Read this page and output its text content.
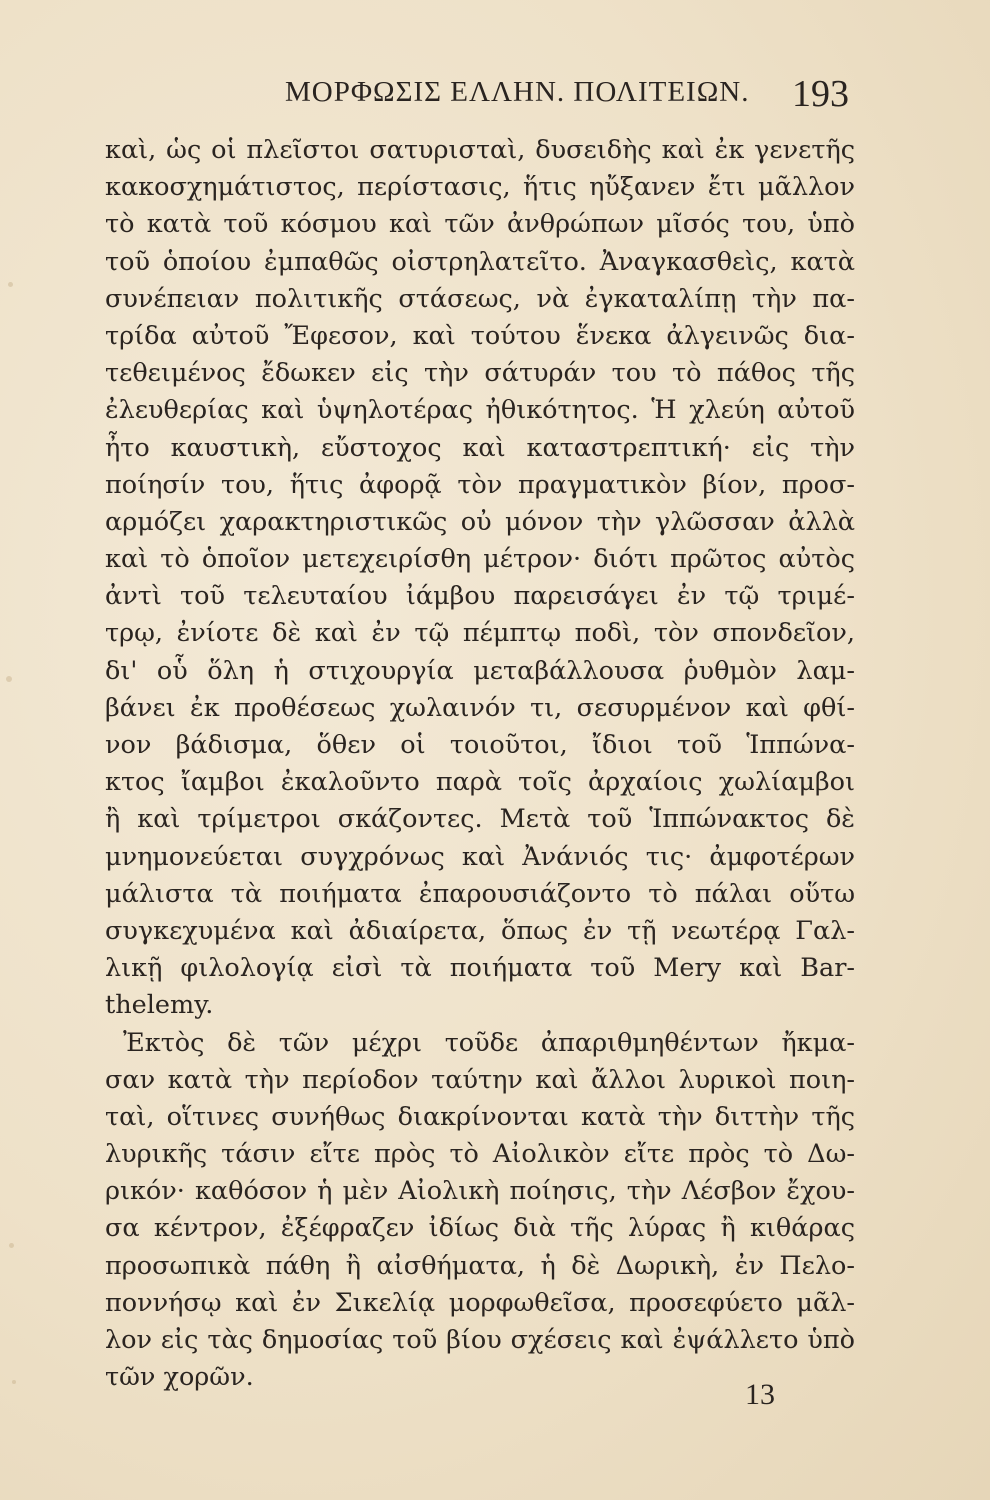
ΜΟΡΦΩΣΙΣ ΕΛΛΗΝ. ΠΟΛΙΤΕΙΩΝ. 193
καὶ, ὡς οἱ πλεῖστοι σατυρισταὶ, δυσειδὴς καὶ ἐκ γενετῆς
κακοσχημάτιστος, περίστασις, ἥτις ηὔξανεν ἔτι μᾶλλον
τὸ κατὰ τοῦ κόσμου καὶ τῶν ἀνθρώπων μῖσός του, ὑπὸ
τοῦ ὁποίου ἐμπαθῶς οἰστρηλατεῖτο. Ἀναγκασθεὶς, κατὰ
συνέπειαν πολιτικῆς στάσεως, νὰ ἐγκαταλίπῃ τὴν πα-
τρίδα αὐτοῦ Ἔφεσον, καὶ τούτου ἕνεκα ἀλγεινῶς δια-
τεθειμένος ἔδωκεν εἰς τὴν σάτυράν του τὸ πάθος τῆς
ἐλευθερίας καὶ ὑψηλοτέρας ἠθικότητος. Ἡ χλεύη αὐτοῦ
ἦτο καυστικὴ, εὔστοχος καὶ καταστρεπτική· εἰς τὴν
ποίησίν του, ἥτις ἀφορᾷ τὸν πραγματικὸν βίον, προσ-
αρμόζει χαρακτηριστικῶς οὐ μόνον τὴν γλῶσσαν ἀλλὰ
καὶ τὸ ὁποῖον μετεχειρίσθη μέτρον· διότι πρῶτος αὐτὸς
ἀντὶ τοῦ τελευταίου ἰάμβου παρεισάγει ἐν τῷ τριμέ-
τρῳ, ἐνίοτε δὲ καὶ ἐν τῷ πέμπτῳ ποδὶ, τὸν σπονδεῖον,
δι' οὗ ὅλη ἡ στιχουργία μεταβάλλουσα ῥυθμὸν λαμ-
βάνει ἐκ προθέσεως χωλαινόν τι, σεσυρμένον καὶ φθί-
νον βάδισμα, ὅθεν οἱ τοιοῦτοι, ἴδιοι τοῦ Ἱππώνα-
κτος ἴαμβοι ἐκαλοῦντο παρὰ τοῖς ἀρχαίοις χωλίαμβοι
ἢ καὶ τρίμετροι σκάζοντες. Μετὰ τοῦ Ἱππώνακτος δὲ
μνημονεύεται συγχρόνως καὶ Ἀνάνιός τις· ἀμφοτέρων
μάλιστα τὰ ποιήματα ἐπαρουσιάζοντο τὸ πάλαι οὕτω
συγκεχυμένα καὶ ἀδιαίρετα, ὅπως ἐν τῇ νεωτέρᾳ Γαλ-
λικῇ φιλολογίᾳ εἰσὶ τὰ ποιήματα τοῦ Mery καὶ Bar-
thelemy.
Ἐκτὸς δὲ τῶν μέχρι τοῦδε ἀπαριθμηθέντων ἤκμα-
σαν κατὰ τὴν περίοδον ταύτην καὶ ἄλλοι λυρικοὶ ποιη-
ταὶ, οἵτινες συνήθως διακρίνονται κατὰ τὴν διττὴν τῆς
λυρικῆς τάσιν εἴτε πρὸς τὸ Αἰολικὸν εἴτε πρὸς τὸ Δω-
ρικόν· καθόσον ἡ μὲν Αἰολικὴ ποίησις, τὴν Λέσβον ἔχου-
σα κέντρον, ἐξέφραζεν ἰδίως διὰ τῆς λύρας ἢ κιθάρας
προσωπικὰ πάθη ἢ αἰσθήματα, ἡ δὲ Δωρικὴ, ἐν Πελο-
ποννήσῳ καὶ ἐν Σικελίᾳ μορφωθεῖσα, προσεφύετο μᾶλ-
λον εἰς τὰς δημοσίας τοῦ βίου σχέσεις καὶ ἐψάλλετο ὑπὸ
τῶν χορῶν.
13
